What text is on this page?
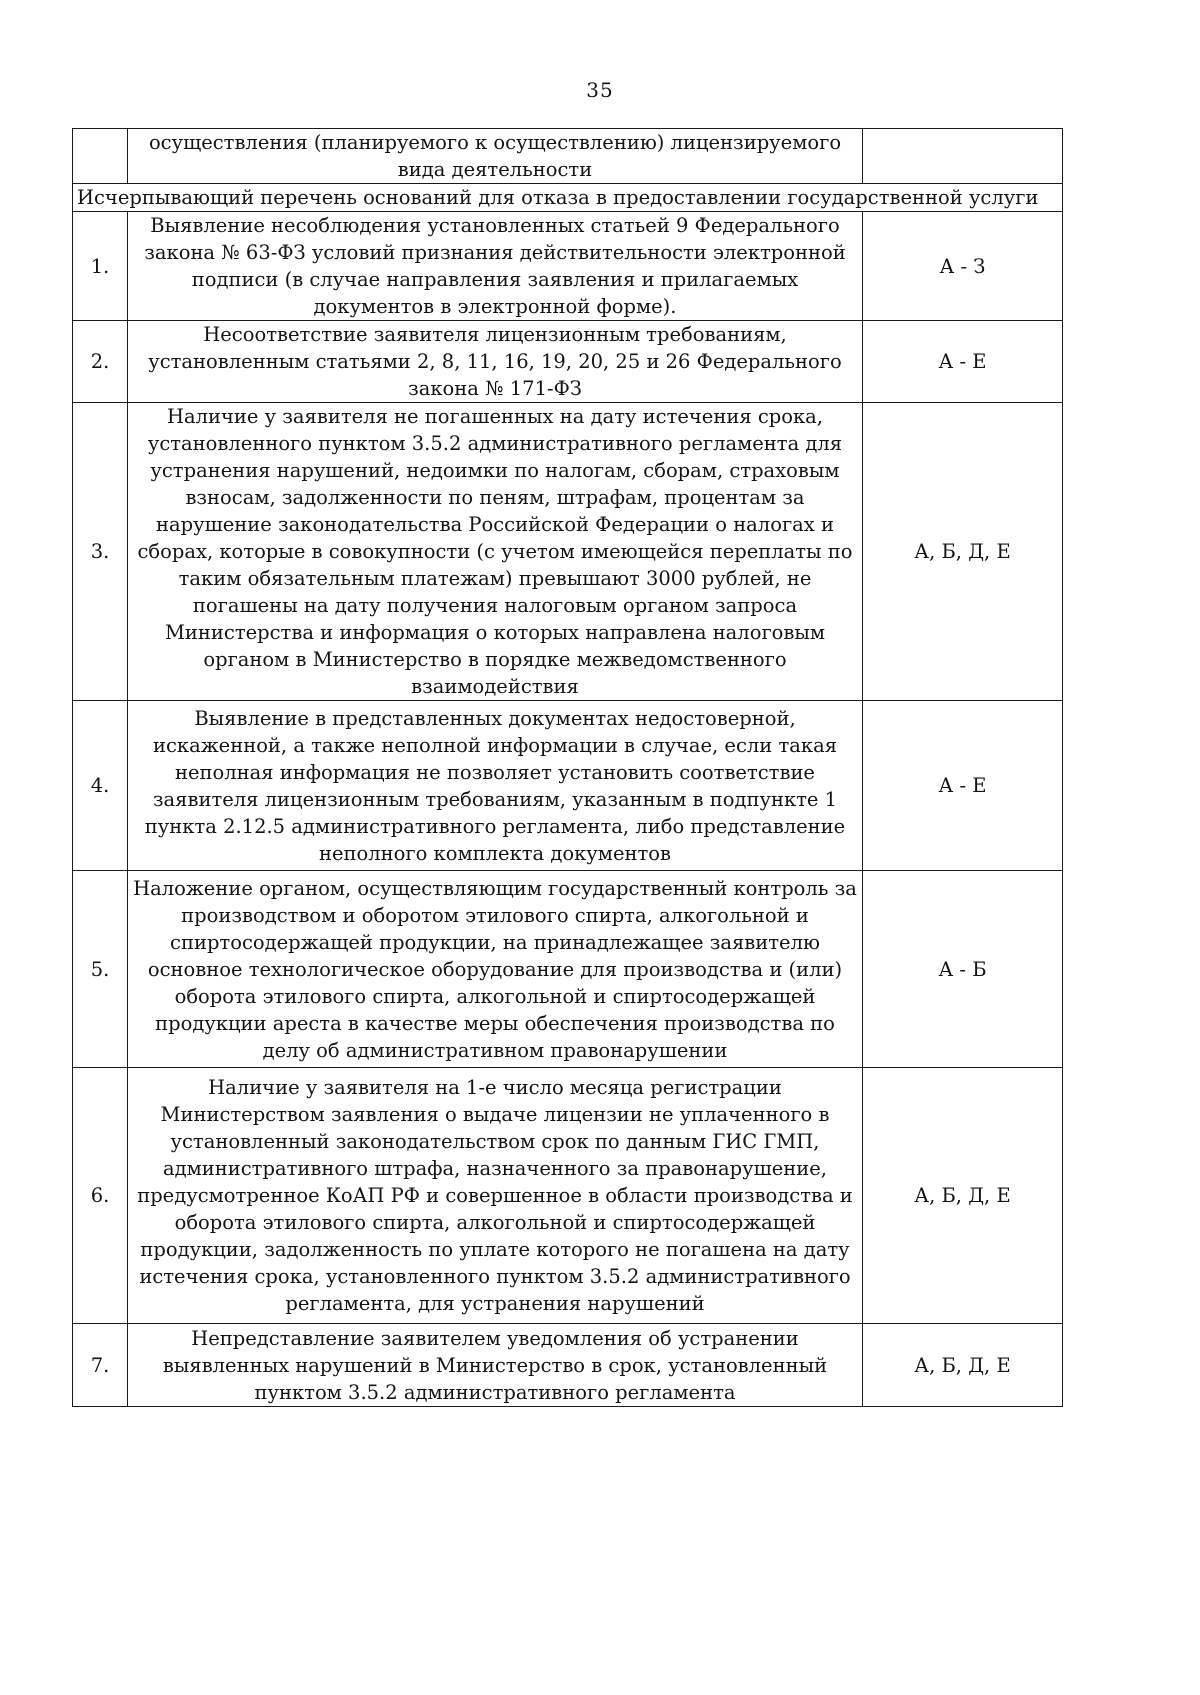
35
	осуществления (планируемого к осуществлению) лицензируемого вида деятельности	
Исчерпывающий перечень оснований для отказа в предоставлении государственной услуги		
1.	Выявление несоблюдения установленных статьей 9 Федерального закона № 63-ФЗ условий признания действительности электронной подписи (в случае направления заявления и прилагаемых документов в электронной форме).	А - З
2.	Несоответствие заявителя лицензионным требованиям, установленным статьями 2, 8, 11, 16, 19, 20, 25 и 26 Федерального закона № 171-ФЗ	А - Е
3.	Наличие у заявителя не погашенных на дату истечения срока, установленного пунктом 3.5.2 административного регламента для устранения нарушений, недоимки по налогам, сборам, страховым взносам, задолженности по пеням, штрафам, процентам за нарушение законодательства Российской Федерации о налогах и сборах, которые в совокупности (с учетом имеющейся переплаты по таким обязательным платежам) превышают 3000 рублей, не погашены на дату получения налоговым органом запроса Министерства и информация о которых направлена налоговым органом в Министерство в порядке межведомственного взаимодействия	А, Б, Д, Е
4.	Выявление в представленных документах недостоверной, искаженной, а также неполной информации в случае, если такая неполная информация не позволяет установить соответствие заявителя лицензионным требованиям, указанным в подпункте 1 пункта 2.12.5 административного регламента, либо представление неполного комплекта документов	А - Е
5.	Наложение органом, осуществляющим государственный контроль за производством и оборотом этилового спирта, алкогольной и спиртосодержащей продукции, на принадлежащее заявителю основное технологическое оборудование для производства и (или) оборота этилового спирта, алкогольной и спиртосодержащей продукции ареста в качестве меры обеспечения производства по делу об административном правонарушении	А - Б
6.	Наличие у заявителя на 1-е число месяца регистрации Министерством заявления о выдаче лицензии не уплаченного в установленный законодательством срок по данным ГИС ГМП, административного штрафа, назначенного за правонарушение, предусмотренное КоАП РФ и совершенное в области производства и оборота этилового спирта, алкогольной и спиртосодержащей продукции, задолженность по уплате которого не погашена на дату истечения срока, установленного пунктом 3.5.2 административного регламента, для устранения нарушений	А, Б, Д, Е
7.	Непредставление заявителем уведомления об устранении выявленных нарушений в Министерство в срок, установленный пунктом 3.5.2 административного регламента	А, Б, Д, Е
